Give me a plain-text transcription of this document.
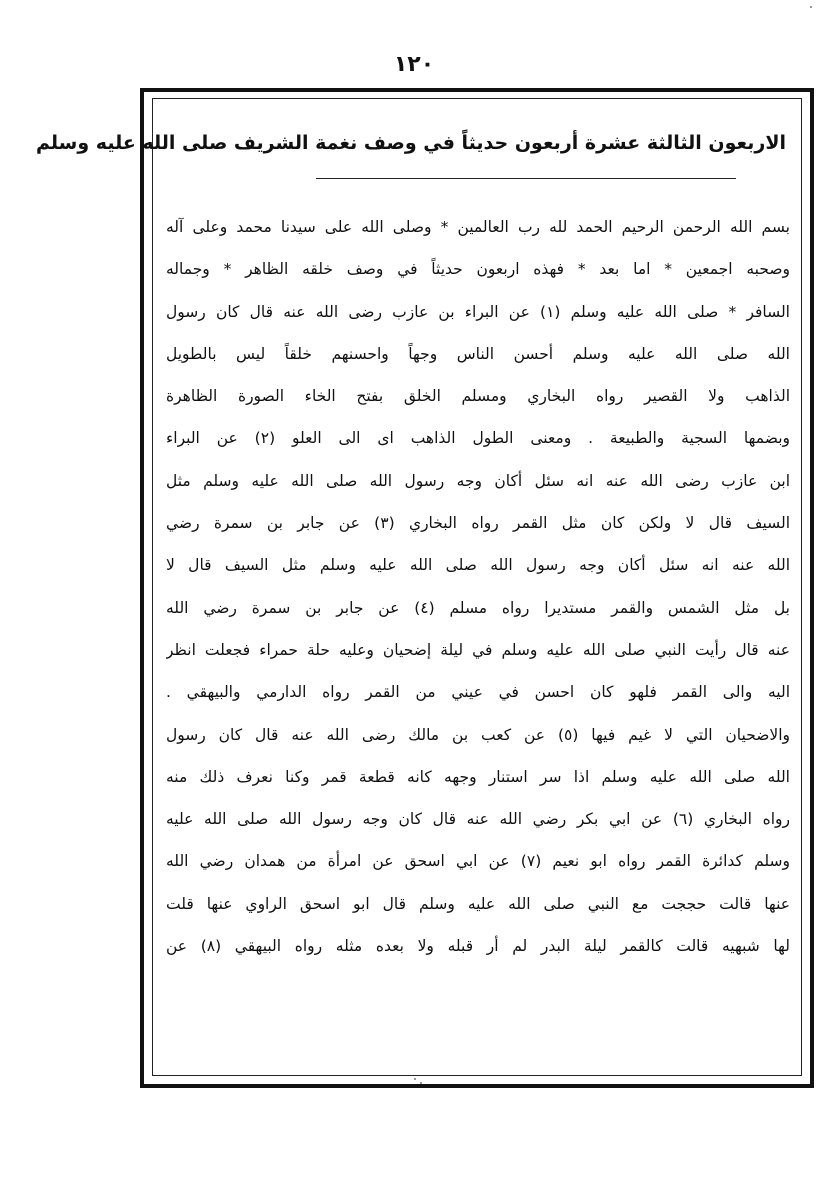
١٢٠
الاربعون الثالثة عشرة أربعون حديثاً في وصف نغمة الشريف صلى الله عليه وسلم
بسم الله الرحمن الرحيم الحمد لله رب العالمين * وصلى الله على سيدنا محمد وعلى آله
وصحبه اجمعين * اما بعد * فهذه اربعون حديثاً في وصف خلقه الظاهر * وجماله
السافر * صلى الله عليه وسلم (١) عن البراء بن عازب رضى الله عنه قال كان رسول
الله صلى الله عليه وسلم أحسن الناس وجهاً واحسنهم خلقاً ليس بالطويل
الذاهب ولا القصير رواه البخاري ومسلم الخلق بفتح الخاء الصورة الظاهرة
وبضمها السجية والطبيعة . ومعنى الطول الذاهب اى الى العلو (٢) عن البراء
ابن عازب رضى الله عنه انه سئل أكان وجه رسول الله صلى الله عليه وسلم مثل
السيف قال لا ولكن كان مثل القمر رواه البخاري (٣) عن جابر بن سمرة رضي
الله عنه انه سئل أكان وجه رسول الله صلى الله عليه وسلم مثل السيف قال لا
بل مثل الشمس والقمر مستديرا رواه مسلم (٤) عن جابر بن سمرة رضي الله
عنه قال رأيت النبي صلى الله عليه وسلم في ليلة إضحيان وعليه حلة حمراء فجعلت انظر
اليه والى القمر فلهو كان احسن في عيني من القمر رواه الدارمي والبيهقي .
والاضحيان التي لا غيم فيها (٥) عن كعب بن مالك رضى الله عنه قال كان رسول
الله صلى الله عليه وسلم اذا سر استنار وجهه كانه قطعة قمر وكنا نعرف ذلك منه
رواه البخاري (٦) عن ابي بكر رضي الله عنه قال كان وجه رسول الله صلى الله عليه
وسلم كدائرة القمر رواه ابو نعيم (٧) عن ابي اسحق عن امرأة من همدان رضي الله
عنها قالت حججت مع النبي صلى الله عليه وسلم قال ابو اسحق الراوي عنها قلت
لها شبهيه قالت كالقمر ليلة البدر لم أر قبله ولا بعده مثله رواه البيهقي (٨) عن
